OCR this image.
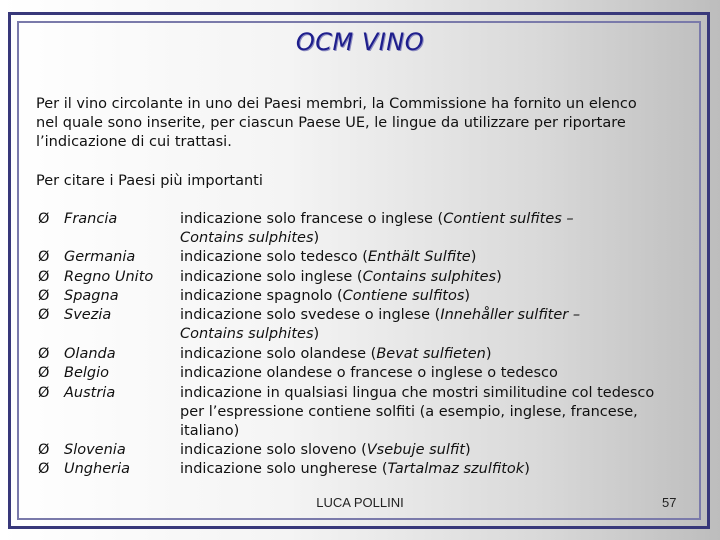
OCM VINO
Per il vino circolante in uno dei Paesi membri, la Commissione ha fornito un elenco
nel quale sono inserite, per ciascun Paese UE, le lingue da utilizzare per riportare
l’indicazione di cui trattasi.
Per citare i Paesi più importanti
Ø Francia
Ø Germania
Ø Regno Unito
Ø Spagna
Ø Svezia
Ø Olanda
Ø Belgio
Ø Austria
Ø Slovenia
Ø Ungheria
indicazione solo francese o inglese (Contient sulfites –
Contains sulphites)
indicazione solo tedesco (Enthält Sulfite)
indicazione solo inglese (Contains sulphites)
indicazione spagnolo (Contiene sulfitos)
indicazione solo svedese o inglese (Innehåller sulfiter –
Contains sulphites)
indicazione solo olandese (Bevat sulfieten)
indicazione olandese o francese o inglese o tedesco
indicazione in qualsiasi lingua che mostri similitudine col tedesco
per l’espressione contiene solfiti (a esempio, inglese, francese,
italiano)
indicazione solo sloveno (Vsebuje sulfit)
indicazione solo ungherese (Tartalmaz szulfitok)
LUCA POLLINI	57
